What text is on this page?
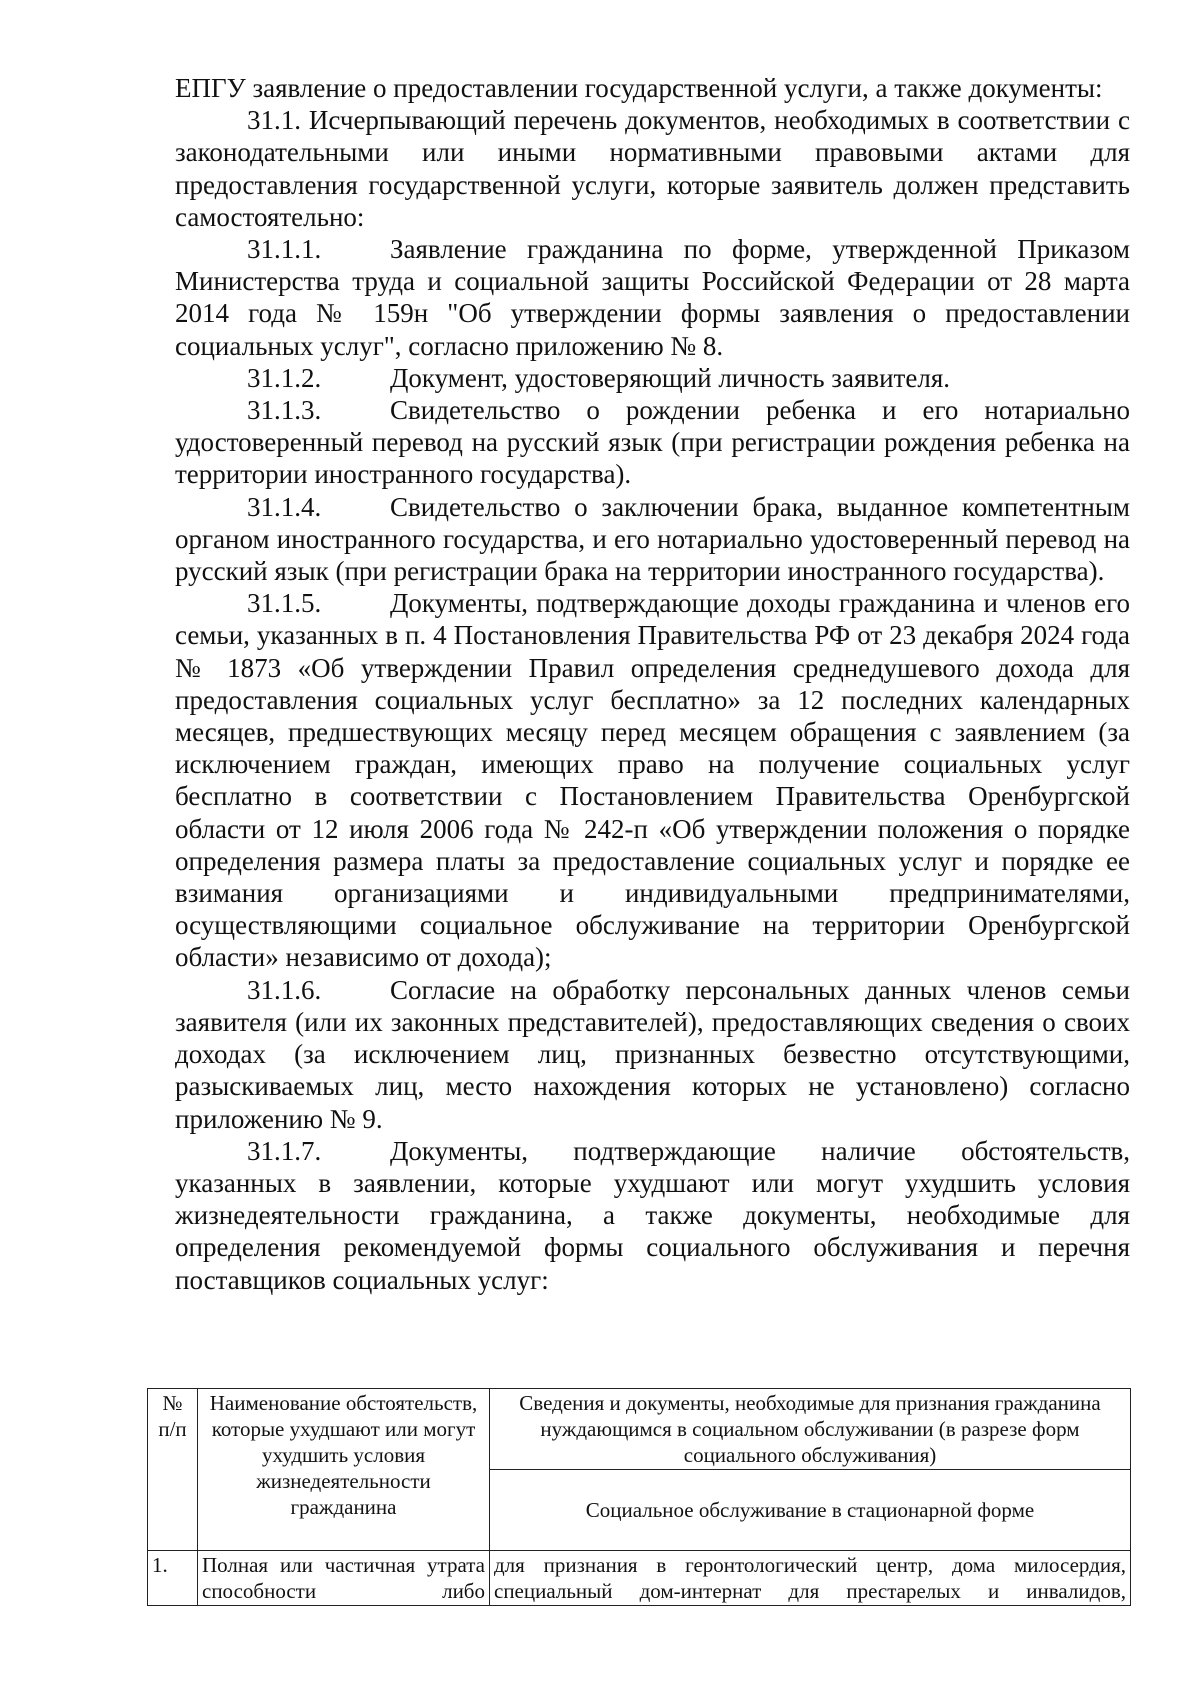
ЕПГУ заявление о предоставлении государственной услуги, а также документы:

31.1. Исчерпывающий перечень документов, необходимых в соответствии с законодательными или иными нормативными правовыми актами для предоставления государственной услуги, которые заявитель должен представить самостоятельно:

31.1.1.	Заявление гражданина по форме, утвержденной Приказом Министерства труда и социальной защиты Российской Федерации от 28 марта 2014 года № 159н "Об утверждении формы заявления о предоставлении социальных услуг", согласно приложению № 8.

31.1.2.	Документ, удостоверяющий личность заявителя.

31.1.3.	Свидетельство о рождении ребенка и его нотариально удостоверенный перевод на русский язык (при регистрации рождения ребенка на территории иностранного государства).

31.1.4.	Свидетельство о заключении брака, выданное компетентным органом иностранного государства, и его нотариально удостоверенный перевод на русский язык (при регистрации брака на территории иностранного государства).

31.1.5.	Документы, подтверждающие доходы гражданина и членов его семьи, указанных в п. 4 Постановления Правительства РФ от 23 декабря 2024 года № 1873 «Об утверждении Правил определения среднедушевого дохода для предоставления социальных услуг бесплатно» за 12 последних календарных месяцев, предшествующих месяцу перед месяцем обращения с заявлением (за исключением граждан, имеющих право на получение социальных услуг бесплатно в соответствии с Постановлением Правительства Оренбургской области от 12 июля 2006 года № 242-п «Об утверждении положения о порядке определения размера платы за предоставление социальных услуг и порядке ее взимания организациями и индивидуальными предпринимателями, осуществляющими социальное обслуживание на территории Оренбургской области» независимо от дохода);

31.1.6.	Согласие на обработку персональных данных членов семьи заявителя (или их законных представителей), предоставляющих сведения о своих доходах (за исключением лиц, признанных безвестно отсутствующими, разыскиваемых лиц, место нахождения которых не установлено) согласно приложению № 9.

31.1.7.	Документы, подтверждающие наличие обстоятельств, указанных в заявлении, которые ухудшают или могут ухудшить условия жизнедеятельности гражданина, а также документы, необходимые для определения рекомендуемой формы социального обслуживания и перечня поставщиков социальных услуг:

№ п/п	Наименование обстоятельств, которые ухудшают или могут ухудшить условия жизнедеятельности гражданина	Сведения и документы, необходимые для признания гражданина нуждающимся в социальном обслуживании (в разрезе форм социального обслуживания)
		Социальное обслуживание в стационарной форме
1.	Полная или частичная утрата способности либо	для признания в геронтологический центр, дома милосердия, специальный дом-интернат для престарелых и инвалидов,
